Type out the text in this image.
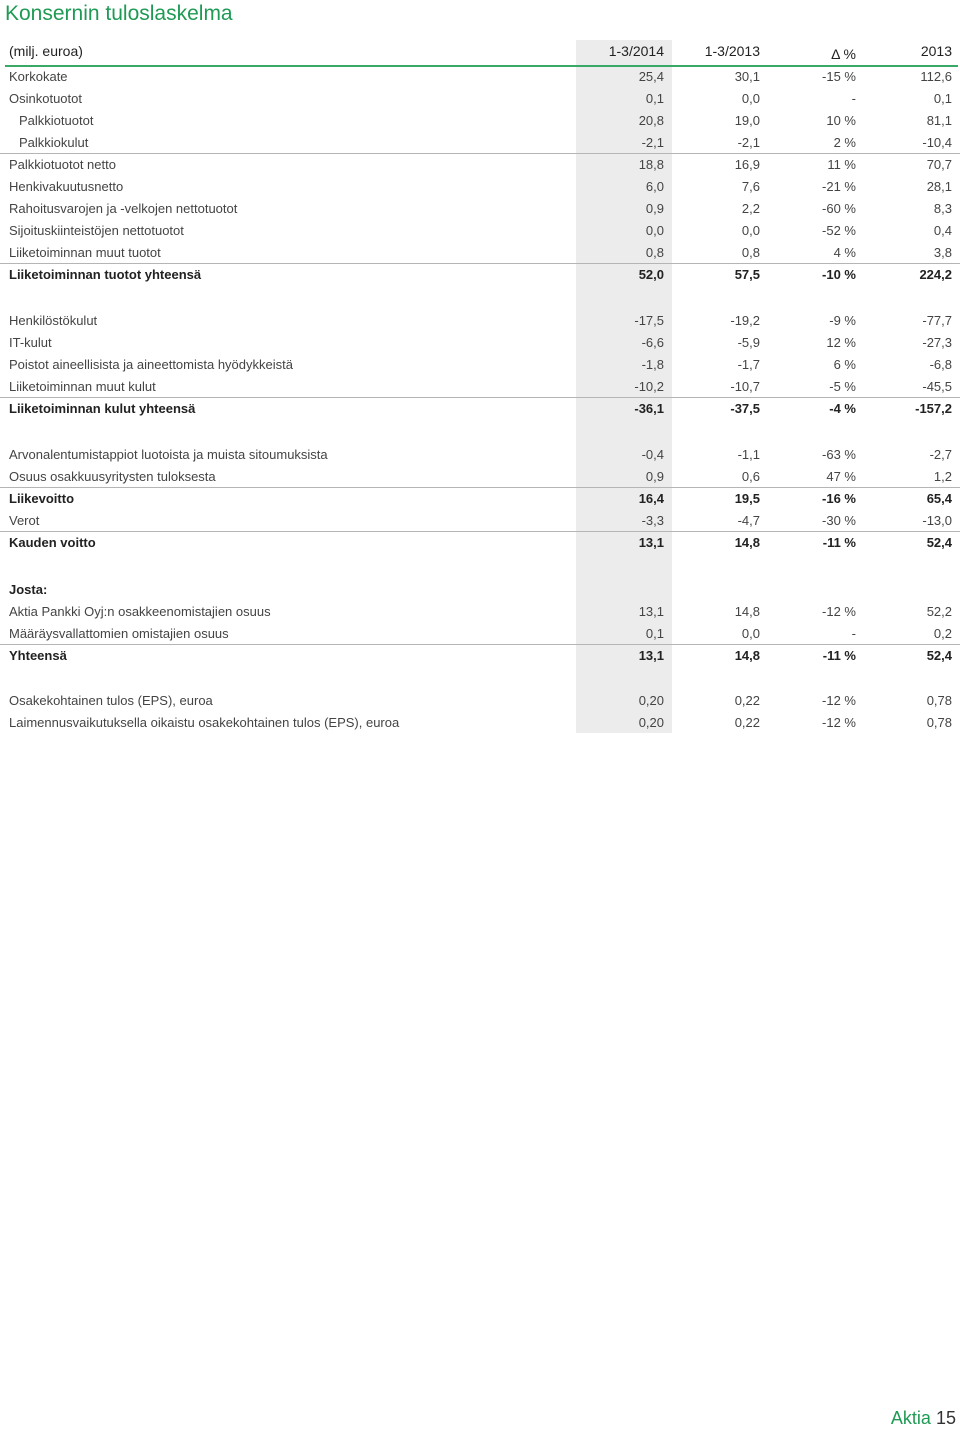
Konsernin tuloslaskelma
(milj. euroa)	1-3/2014	1-3/2013	Δ %	2013
Korkokate	25,4	30,1	-15 %	112,6
Osinkotuotot	0,1	0,0	-	0,1
Palkkiotuotot	20,8	19,0	10 %	81,1
Palkkiokulut	-2,1	-2,1	2 %	-10,4
Palkkiotuotot netto	18,8	16,9	11 %	70,7
Henkivakuutusnetto	6,0	7,6	-21 %	28,1
Rahoitusvarojen ja -velkojen nettotuotot	0,9	2,2	-60 %	8,3
Sijoituskiinteistöjen nettotuotot	0,0	0,0	-52 %	0,4
Liiketoiminnan muut tuotot	0,8	0,8	4 %	3,8
Liiketoiminnan tuotot yhteensä	52,0	57,5	-10 %	224,2
Henkilöstökulut	-17,5	-19,2	-9 %	-77,7
IT-kulut	-6,6	-5,9	12 %	-27,3
Poistot aineellisista ja aineettomista hyödykkeistä	-1,8	-1,7	6 %	-6,8
Liiketoiminnan muut kulut	-10,2	-10,7	-5 %	-45,5
Liiketoiminnan kulut yhteensä	-36,1	-37,5	-4 %	-157,2
Arvonalentumistappiot luotoista ja muista sitoumuksista	-0,4	-1,1	-63 %	-2,7
Osuus osakkuusyritysten tuloksesta	0,9	0,6	47 %	1,2
Liikevoitto	16,4	19,5	-16 %	65,4
Verot	-3,3	-4,7	-30 %	-13,0
Kauden voitto	13,1	14,8	-11 %	52,4
Josta:
Aktia Pankki Oyj:n osakkeenomistajien osuus	13,1	14,8	-12 %	52,2
Määräysvallattomien omistajien osuus	0,1	0,0	-	0,2
Yhteensä	13,1	14,8	-11 %	52,4
Osakekohtainen tulos (EPS), euroa	0,20	0,22	-12 %	0,78
Laimennusvaikutuksella oikaistu osakekohtainen tulos (EPS), euroa	0,20	0,22	-12 %	0,78
Aktia 15
